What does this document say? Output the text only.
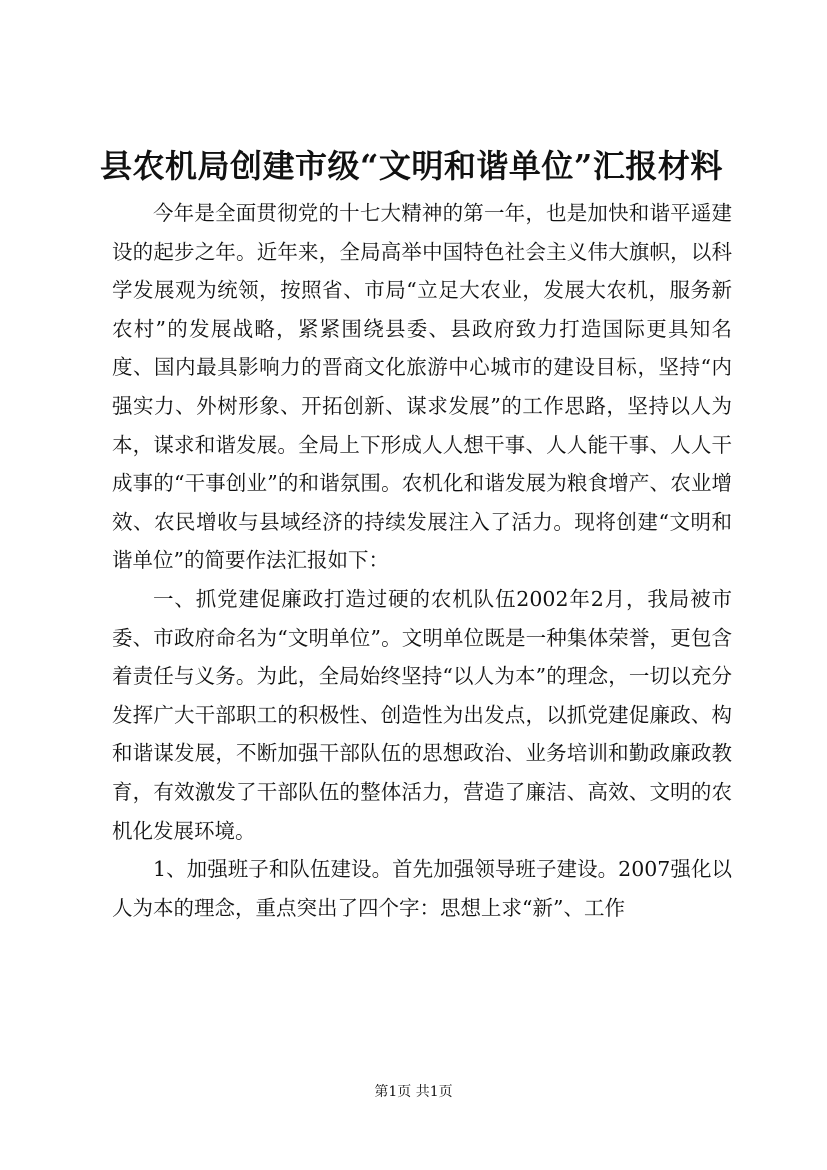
县农机局创建市级“文明和谐单位”汇报材料

今年是全面贯彻党的十七大精神的第一年，也是加快和谐平遥建设的起步之年。近年来，全局高举中国特色社会主义伟大旗帜，以科学发展观为统领，按照省、市局“立足大农业，发展大农机，服务新农村”的发展战略，紧紧围绕县委、县政府致力打造国际更具知名度、国内最具影响力的晋商文化旅游中心城市的建设目标，坚持“内强实力、外树形象、开拓创新、谋求发展”的工作思路，坚持以人为本，谋求和谐发展。全局上下形成人人想干事、人人能干事、人人干成事的“干事创业”的和谐氛围。农机化和谐发展为粮食增产、农业增效、农民增收与县域经济的持续发展注入了活力。现将创建“文明和谐单位”的简要作法汇报如下：

一、抓党建促廉政打造过硬的农机队伍2002年2月，我局被市委、市政府命名为“文明单位”。文明单位既是一种集体荣誉，更包含着责任与义务。为此，全局始终坚持“以人为本”的理念，一切以充分发挥广大干部职工的积极性、创造性为出发点，以抓党建促廉政、构和谐谋发展，不断加强干部队伍的思想政治、业务培训和勤政廉政教育，有效激发了干部队伍的整体活力，营造了廉洁、高效、文明的农机化发展环境。

1、加强班子和队伍建设。首先加强领导班子建设。2007强化以人为本的理念，重点突出了四个字：思想上求“新”、工作

第1页 共1页
